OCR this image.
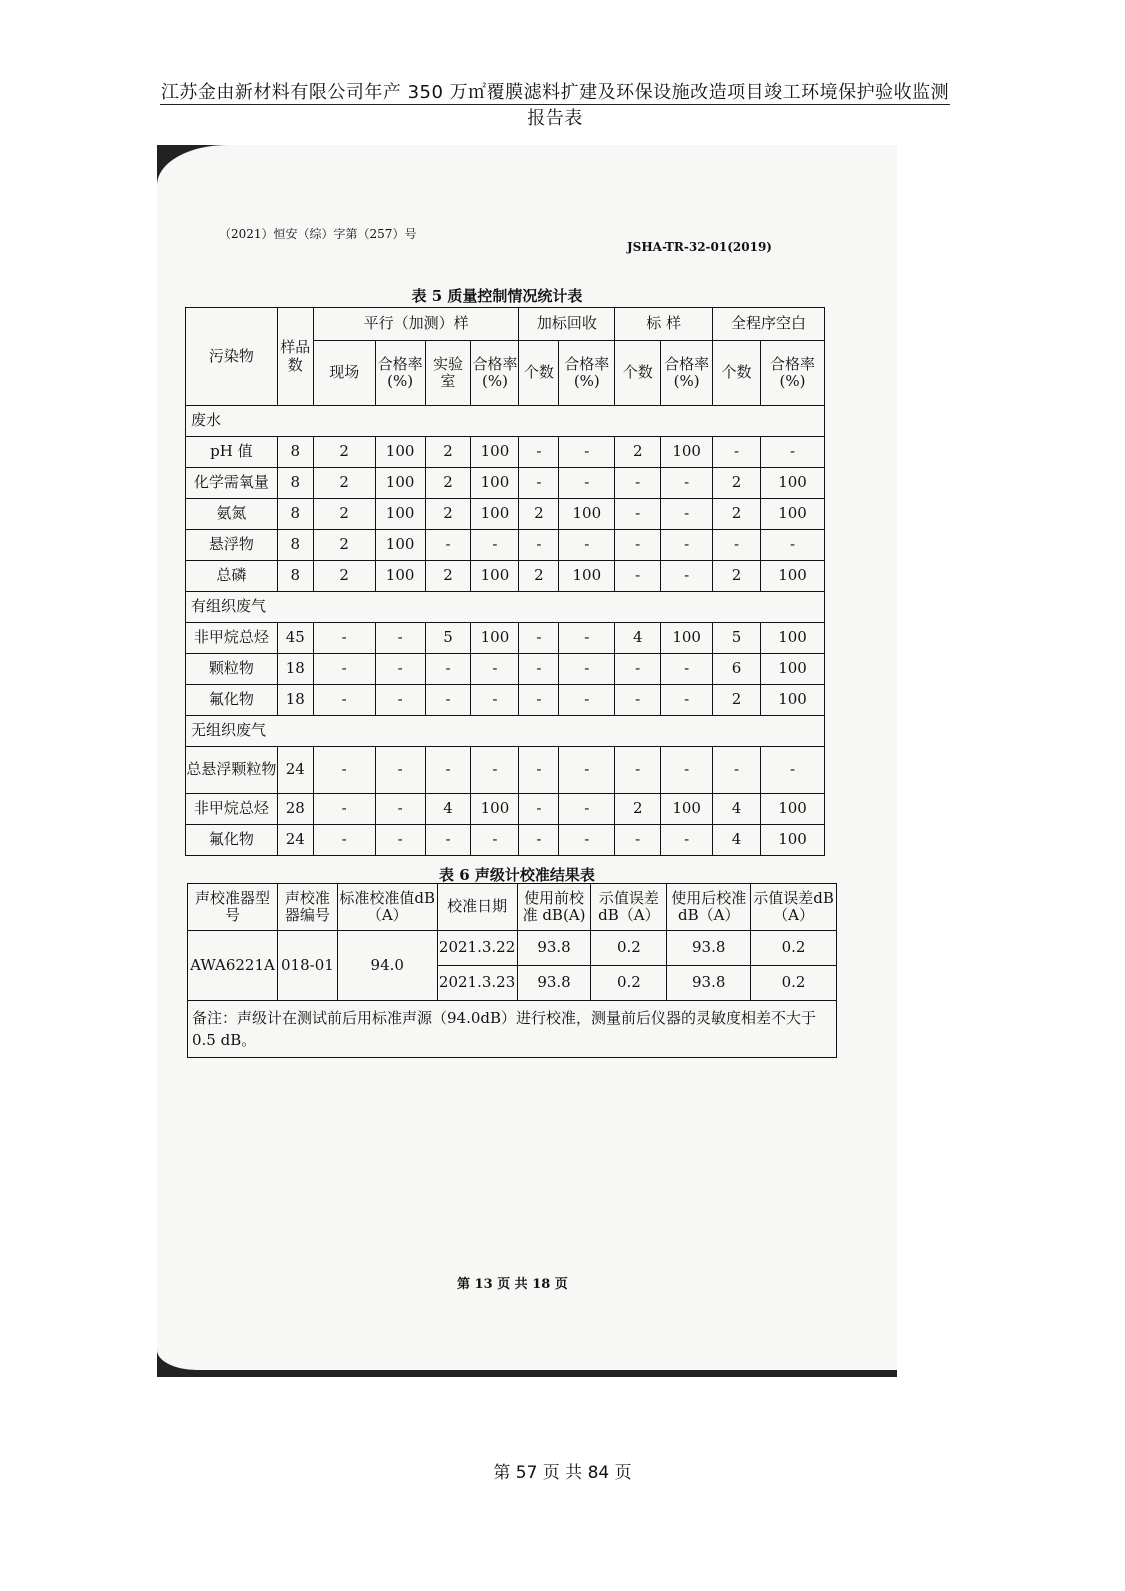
江苏金由新材料有限公司年产 350 万㎡覆膜滤料扩建及环保设施改造项目竣工环境保护验收监测报告表
（2021）恒安（综）字第（257）号
JSHA-TR-32-01(2019)
表 5 质量控制情况统计表
污染物	样品数	平行（加测）样				加标回收		标 样		全程序空白	
		现场	合格率(%)	实验室	合格率(%)	个数	合格率(%)	个数	合格率(%)	个数	合格率(%)
废水											
pH 值	8	2	100	2	100	-	-	2	100	-	-
化学需氧量	8	2	100	2	100	-	-	-	-	2	100
氨氮	8	2	100	2	100	2	100	-	-	2	100
悬浮物	8	2	100	-	-	-	-	-	-	-	-
总磷	8	2	100	2	100	2	100	-	-	2	100
有组织废气											
非甲烷总烃	45	-	-	5	100	-	-	4	100	5	100
颗粒物	18	-	-	-	-	-	-	-	-	6	100
氟化物	18	-	-	-	-	-	-	-	-	2	100
无组织废气											
总悬浮颗粒物	24	-	-	-	-	-	-	-	-	-	-
非甲烷总烃	28	-	-	4	100	-	-	2	100	4	100
氟化物	24	-	-	-	-	-	-	-	-	4	100
表 6 声级计校准结果表
声校准器型号	声校准器编号	标准校准值dB（A）	校准日期	使用前校准 dB(A)	示值误差dB（A）	使用后校准 dB（A）	示值误差dB（A）
AWA6221A	018-01	94.0	2021.3.22	93.8	0.2	93.8	0.2
			2021.3.23	93.8	0.2	93.8	0.2
备注：声级计在测试前后用标准声源（94.0dB）进行校准，测量前后仪器的灵敏度相差不大于 0.5 dB。							
第 13 页 共 18 页
第 57 页 共 84 页
